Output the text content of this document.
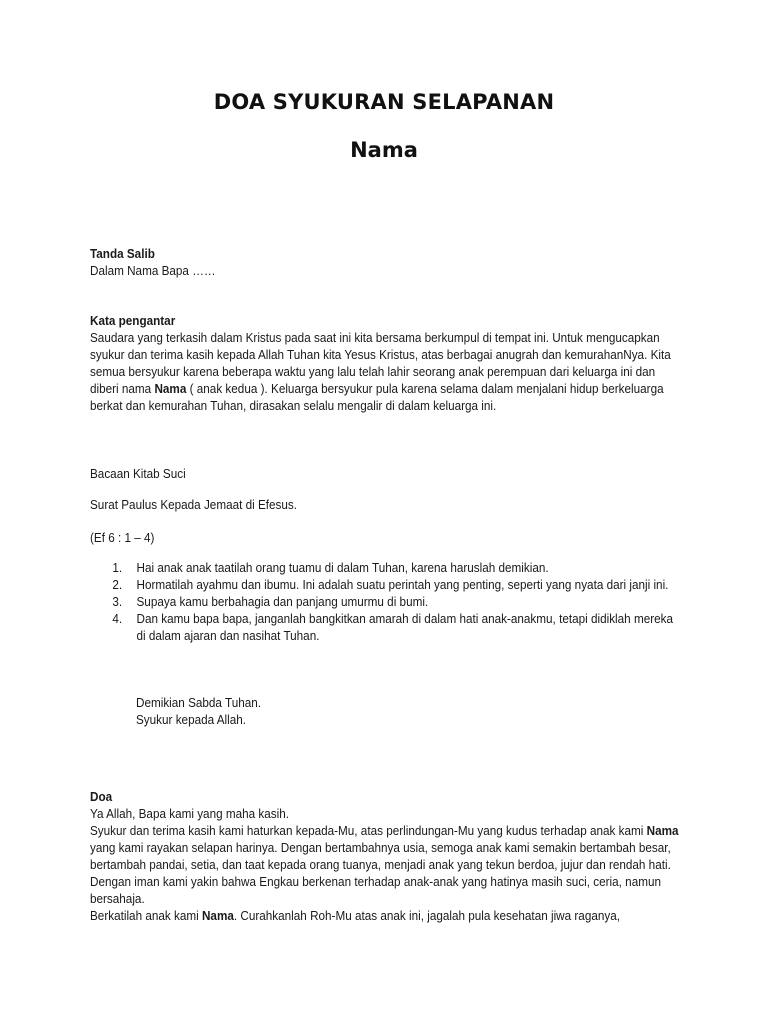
DOA SYUKURAN SELAPANAN
Nama
Tanda Salib
Dalam Nama Bapa ……
Kata pengantar

Saudara yang terkasih dalam Kristus pada saat ini kita bersama berkumpul di tempat ini. Untuk mengucapkan syukur dan terima kasih kepada Allah Tuhan kita Yesus Kristus, atas berbagai anugrah dan kemurahanNya. Kita semua bersyukur karena beberapa waktu yang lalu telah lahir seorang anak perempuan dari keluarga ini dan diberi nama Nama ( anak kedua ). Keluarga bersyukur pula karena selama dalam menjalani hidup berkeluarga berkat dan kemurahan Tuhan, dirasakan selalu mengalir di dalam keluarga ini.

Bacaan Kitab Suci
Surat Paulus Kepada Jemaat di Efesus.
(Ef 6 : 1 – 4)
1. Hai anak anak taatilah orang tuamu di dalam Tuhan, karena haruslah demikian.
2. Hormatilah ayahmu dan ibumu. Ini adalah suatu perintah yang penting, seperti yang nyata dari janji ini.
3. Supaya kamu berbahagia dan panjang umurmu di bumi.
4. Dan kamu bapa bapa, janganlah bangkitkan amarah di dalam hati anak-anakmu, tetapi didiklah mereka di dalam ajaran dan nasihat Tuhan.
Demikian Sabda Tuhan.
Syukur kepada Allah.
Doa
Ya Allah, Bapa kami yang maha kasih.

Syukur dan terima kasih kami haturkan kepada-Mu, atas perlindungan-Mu yang kudus terhadap anak kami Nama yang kami rayakan selapan harinya. Dengan bertambahnya usia, semoga anak kami semakin bertambah besar, bertambah pandai, setia, dan taat kepada orang tuanya, menjadi anak yang tekun berdoa, jujur dan rendah hati. Dengan iman kami yakin bahwa Engkau berkenan terhadap anak-anak yang hatinya masih suci, ceria, namun bersahaja.

Berkatilah anak kami Nama. Curahkanlah Roh-Mu atas anak ini, jagalah pula kesehatan jiwa raganya,
